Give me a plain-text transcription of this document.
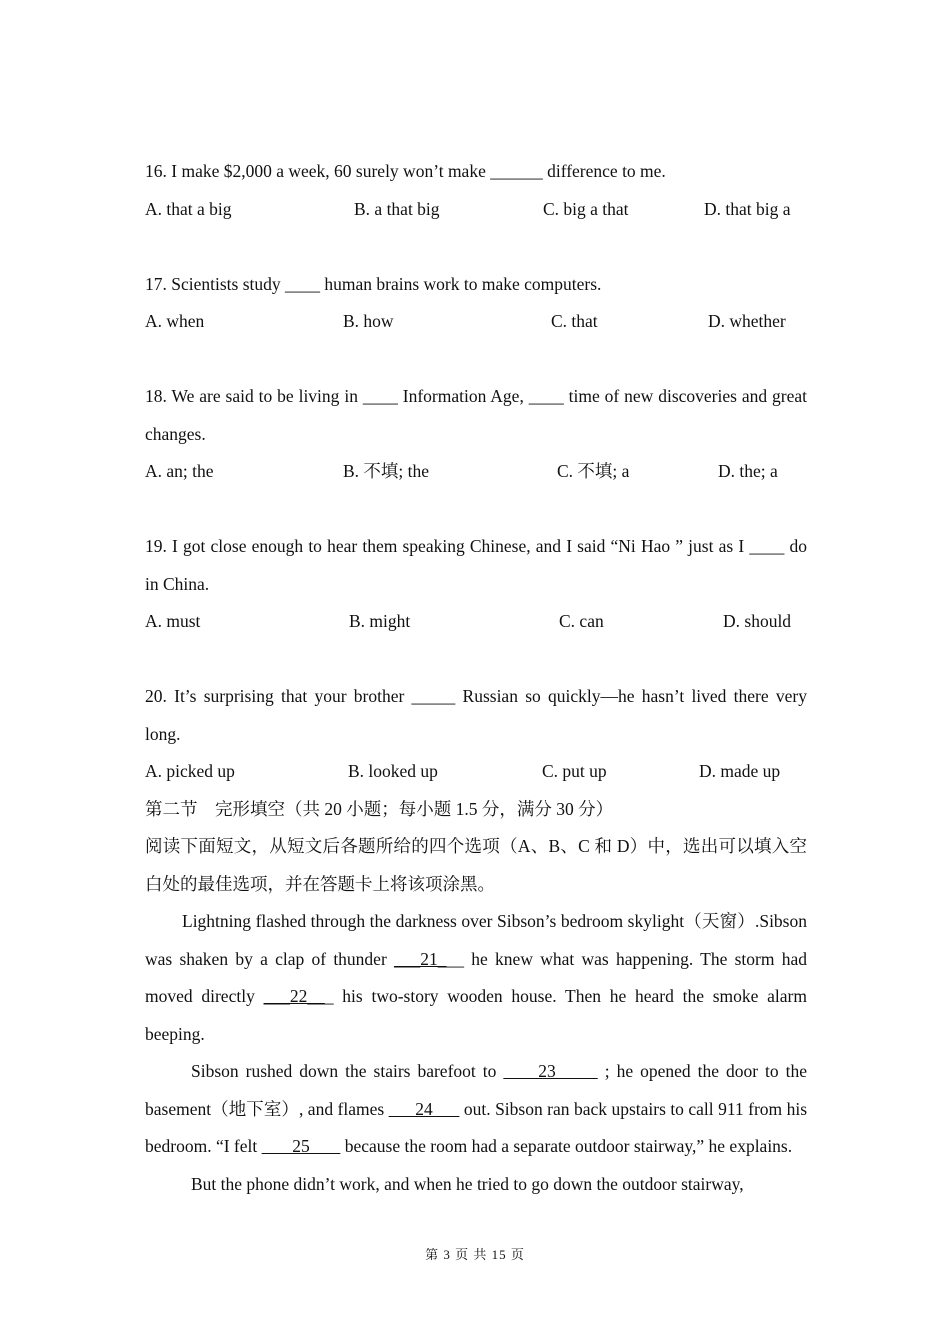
16. I make $2,000 a week, 60 surely won’t make ______ difference to me.
A. that a big	B. a that big	C. big a that	D. that big a
17. Scientists study ____ human brains work to make computers.
A. when	B. how	C. that	D. whether
18. We are said to be living in ____ Information Age, ____ time of new discoveries and great changes.
A. an; the	B. 不填; the	C. 不填; a	D. the; a
19. I got close enough to hear them speaking Chinese, and I said “Ni Hao ” just as I ____ do in China.
A. must	B. might	C. can	D. should
20. It’s surprising that your brother _____ Russian so quickly—he hasn’t lived there very long.
A. picked up	B. looked up	C. put up	D. made up
第二节　完形填空（共 20 小题；每小题 1.5 分，满分 30 分）
阅读下面短文，从短文后各题所给的四个选项（A、B、C 和 D）中，选出可以填入空白处的最佳选项，并在答题卡上将该项涂黑。
Lightning flashed through the darkness over Sibson’s bedroom skylight（天窗）.Sibson was shaken by a clap of thunder ___21___ he knew what was happening. The storm had moved directly ___22___ his two-story wooden house. Then he heard the smoke alarm beeping.
Sibson rushed down the stairs barefoot to      23       ; he opened the door to the basement（地下室）, and flames       24       out. Sibson ran back upstairs to call 911 from his bedroom. “I felt        25        because the room had a separate outdoor stairway,” he explains.
But the phone didn’t work, and when he tried to go down the outdoor stairway,
第 3 页 共 15 页
